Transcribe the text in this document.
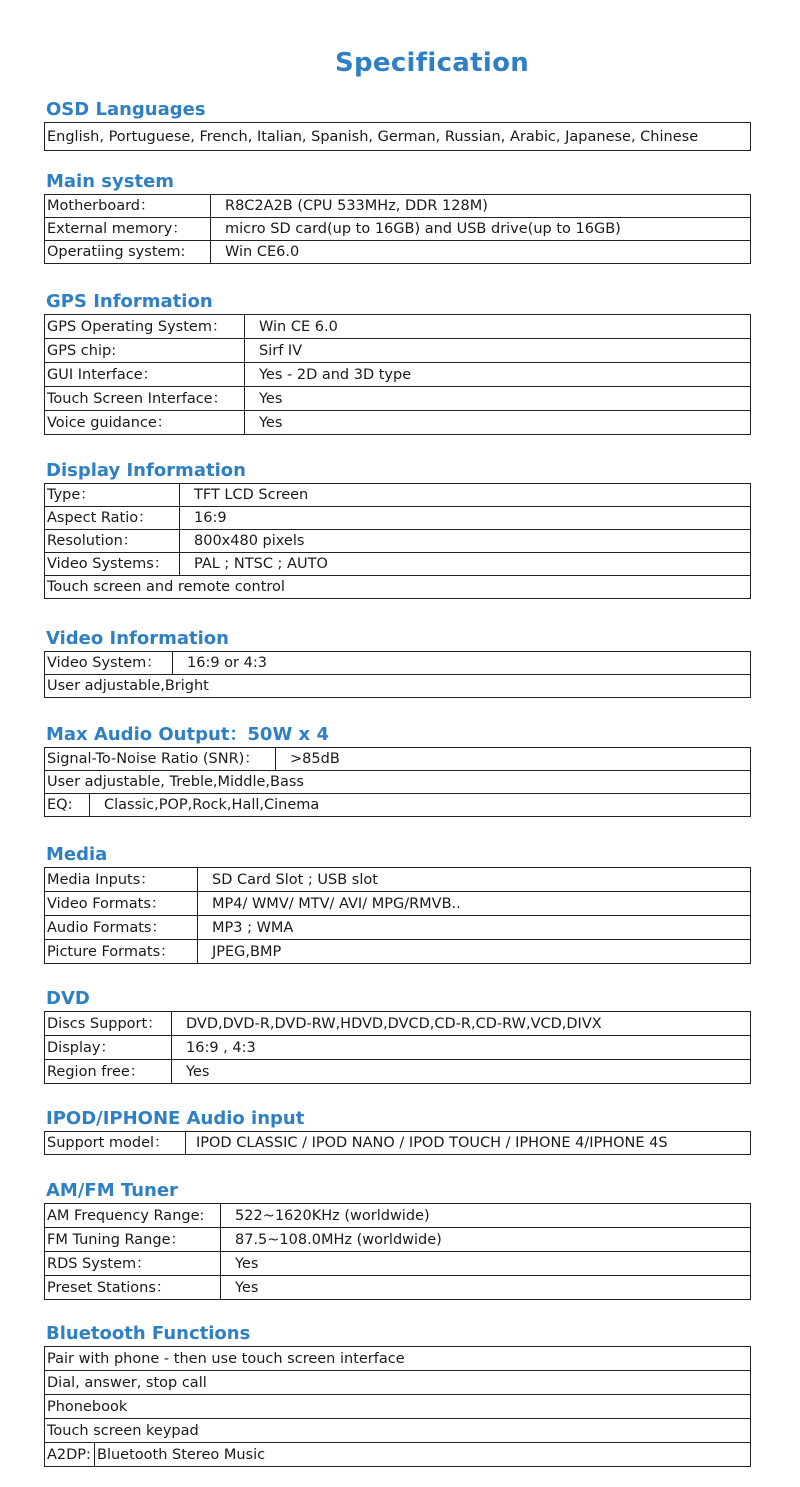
Specification
OSD Languages
English, Portuguese, French, Italian, Spanish, German, Russian, Arabic, Japanese, Chinese
Main system
Motherboard：	R8C2A2B (CPU 533MHz, DDR 128M)
External memory：	micro SD card(up to 16GB) and USB drive(up to 16GB)
Operatiing system:	Win CE6.0
GPS Information
GPS Operating System：	Win CE 6.0
GPS chip:	Sirf IV
GUI Interface：	Yes - 2D and 3D type
Touch Screen Interface：	Yes
Voice guidance：	Yes
Display Information
Type：	TFT LCD Screen
Aspect Ratio：	16:9
Resolution：	800x480 pixels
Video Systems：	PAL ; NTSC ; AUTO
Touch screen and remote control	
Video Information
Video System：	16:9 or 4:3
User adjustable,Bright
Max Audio Output：50W x 4
Signal-To-Noise Ratio (SNR)：		>85dB
User adjustable, Treble,Middle,Bass		
EQ:	Classic,POP,Rock,Hall,Cinema	
Media
Media Inputs：	SD Card Slot ; USB slot
Video Formats：	MP4/ WMV/ MTV/ AVI/ MPG/RMVB..
Audio Formats：	MP3 ; WMA
Picture Formats：	JPEG,BMP
DVD
Discs Support：	DVD,DVD-R,DVD-RW,HDVD,DVCD,CD-R,CD-RW,VCD,DIVX
Display：	16:9 , 4:3
Region free：	Yes
IPOD/IPHONE Audio input
Support model：	IPOD CLASSIC / IPOD NANO / IPOD TOUCH / IPHONE 4/IPHONE 4S
AM/FM Tuner
AM Frequency Range:	522~1620KHz (worldwide)
FM Tuning Range：	87.5~108.0MHz (worldwide)
RDS System：	Yes
Preset Stations：	Yes
Bluetooth Functions
Pair with phone - then use touch screen interface
Dial, answer, stop call
Phonebook
Touch screen keypad
A2DP:	Bluetooth Stereo Music
